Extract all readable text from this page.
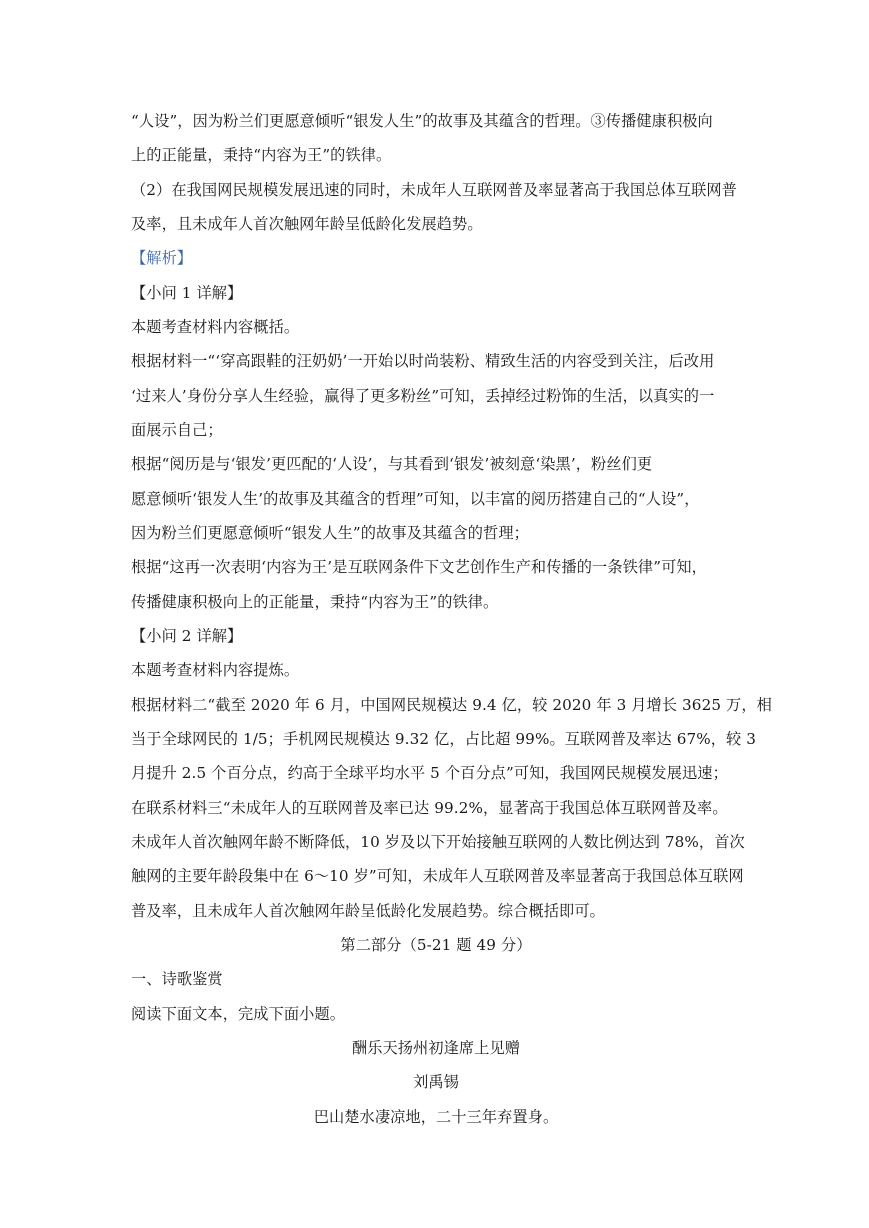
“人设”，因为粉兰们更愿意倾听“银发人生”的故事及其蕴含的哲理。③传播健康积极向
上的正能量，秉持“内容为王”的铁律。
（2）在我国网民规模发展迅速的同时，未成年人互联网普及率显著高于我国总体互联网普
及率，且未成年人首次触网年龄呈低龄化发展趋势。
【解析】
【小问 1 详解】
本题考查材料内容概括。
根据材料一“‘穿高跟鞋的汪奶奶’一开始以时尚装粉、精致生活的内容受到关注，后改用
‘过来人’身份分享人生经验，赢得了更多粉丝”可知，丢掉经过粉饰的生活，以真实的一
面展示自己；
根据“阅历是与‘银发’更匹配的‘人设’，与其看到‘银发’被刻意‘染黑’，粉丝们更
愿意倾听‘银发人生’的故事及其蕴含的哲理”可知，以丰富的阅历搭建自己的“人设”，
因为粉兰们更愿意倾听“银发人生”的故事及其蕴含的哲理；
根据“这再一次表明‘内容为王’是互联网条件下文艺创作生产和传播的一条铁律”可知，
传播健康积极向上的正能量，秉持“内容为王”的铁律。
【小问 2 详解】
本题考查材料内容提炼。
根据材料二“截至 2020 年 6 月，中国网民规模达 9.4 亿，较 2020 年 3 月增长 3625 万，相
当于全球网民的 1/5；手机网民规模达 9.32 亿，占比超 99%。互联网普及率达 67%，较 3
月提升 2.5 个百分点，约高于全球平均水平 5 个百分点”可知，我国网民规模发展迅速；
在联系材料三“未成年人的互联网普及率已达 99.2%，显著高于我国总体互联网普及率。
未成年人首次触网年龄不断降低，10 岁及以下开始接触互联网的人数比例达到 78%，首次
触网的主要年龄段集中在 6～10 岁”可知，未成年人互联网普及率显著高于我国总体互联网
普及率，且未成年人首次触网年龄呈低龄化发展趋势。综合概括即可。
第二部分（5-21 题 49 分）
一、诗歌鉴赏
阅读下面文本，完成下面小题。
酬乐天扬州初逢席上见赠
刘禹锡
巴山楚水凄凉地，二十三年弃置身。
